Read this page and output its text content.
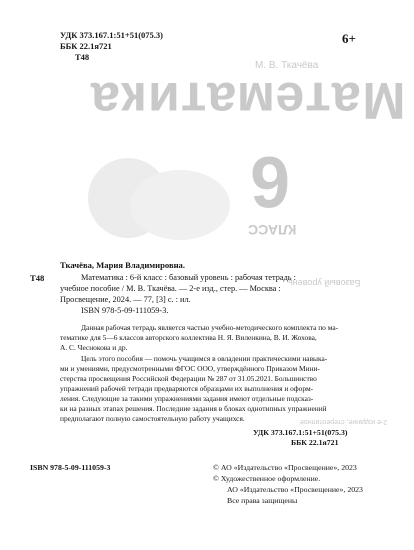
М. В. Ткачёва
Математика
6
КЛАСС
Базовый уровень
2-е издание, стереотипное
УДК 373.167.1:51+51(075.3)
ББК 22.1я721
Т48
6+
Ткачёва, Мария Владимировна.
Т48	Математика : 6-й класс : базовый уровень : рабочая тетрадь :
учебное пособие / М. В. Ткачёва. — 2-е изд., стер. — Москва :
Просвещение, 2024. — 77, [3] с. : ил.
ISBN 978-5-09-111059-3.
Данная рабочая тетрадь является частью учебно-методического комплекта по ма-
тематике для 5—6 классов авторского коллектива Н. Я. Виленкина, В. И. Жохова,
А. С. Чеснокова и др.
Цель этого пособия — помочь учащимся в овладении практическими навыка-
ми и умениями, предусмотренными ФГОС ООО, утверждённого Приказом Мини-
стерства просвещения Российской Федерации № 287 от 31.05.2021. Большинство
упражнений рабочей тетради предваряются образцами их выполнения и оформ-
ления. Следующие за такими упражнениями задания имеют отдельные подсказ-
ки на разных этапах решения. Последние задания в блоках однотипных упражнений
предполагают полную самостоятельную работу учащихся.
УДК 373.167.1:51+51(075.3)
ББК 22.1я721
ISBN 978-5-09-111059-3	© АО «Издательство «Просвещение», 2023
© Художественное оформление.
АО «Издательство «Просвещение», 2023
Все права защищены
